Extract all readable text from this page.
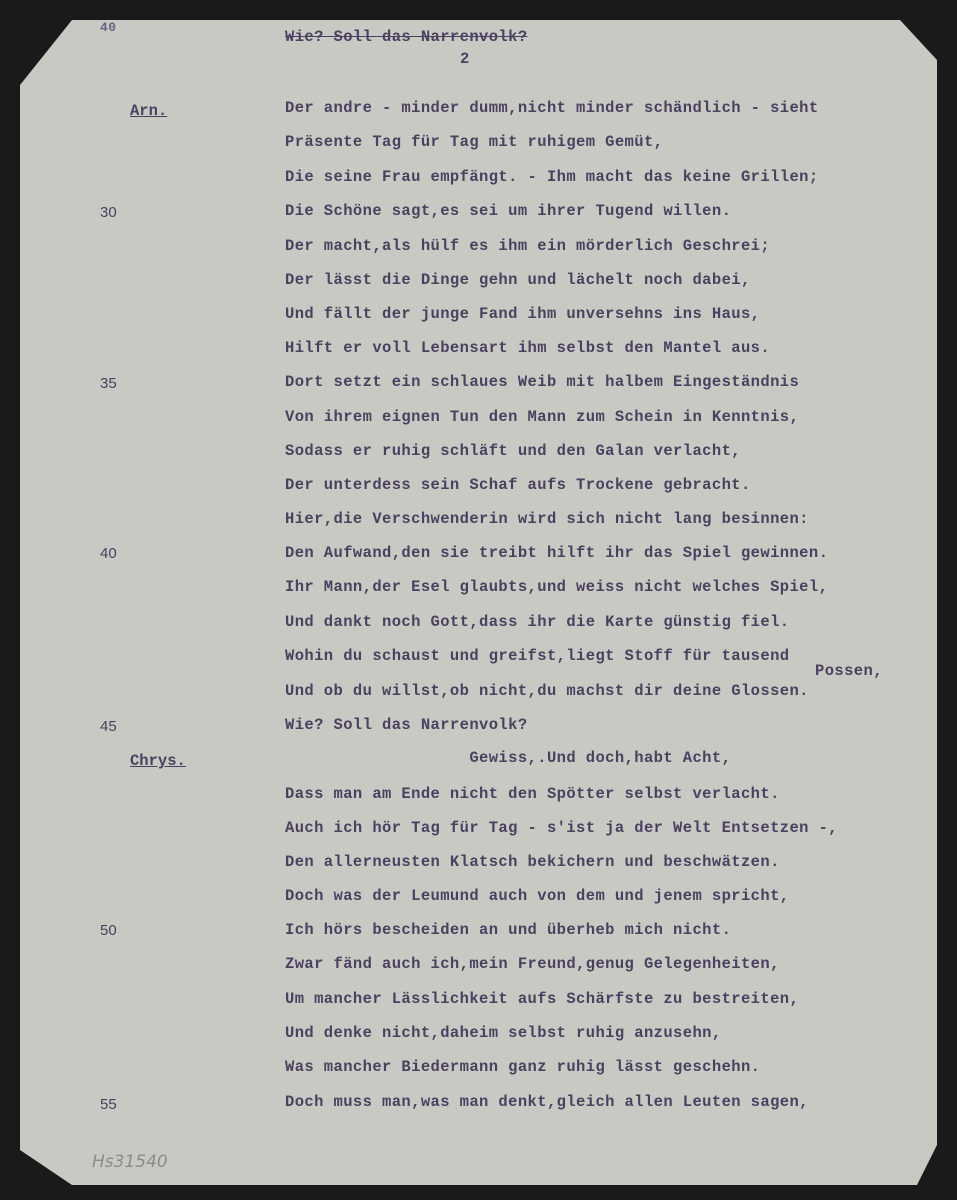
40
Wie? Soll das Narrenvolk?
2
Arn.
Chrys.
30
35
40
45
50
55
Der andre - minder dumm,nicht minder schändlich - sieht
Präsente Tag für Tag mit ruhigem Gemüt,
Die seine Frau empfängt. - Ihm macht das keine Grillen;
Die Schöne sagt,es sei um ihrer Tugend willen.
Der macht,als hülf es ihm ein mörderlich Geschrei;
Der lässt die Dinge gehn und lächelt noch dabei,
Und fällt der junge Fand ihm unversehns ins Haus,
Hilft er voll Lebensart ihm selbst den Mantel aus.
Dort setzt ein schlaues Weib mit halbem Eingeständnis
Von ihrem eignen Tun den Mann zum Schein in Kenntnis,
Sodass er ruhig schläft und den Galan verlacht,
Der unterdess sein Schaf aufs Trockene gebracht.
Hier,die Verschwenderin wird sich nicht lang besinnen:
Den Aufwand,den sie treibt hilft ihr das Spiel gewinnen.
Ihr Mann,der Esel glaubts,und weiss nicht welches Spiel,
Und dankt noch Gott,dass ihr die Karte günstig fiel.
Wohin du schaust und greifst,liegt Stoff für tausend
Possen,
Und ob du willst,ob nicht,du machst dir deine Glossen.
Wie? Soll das Narrenvolk?
Gewiss,.Und doch,habt Acht,
Dass man am Ende nicht den Spötter selbst verlacht.
Auch ich hör Tag für Tag - s'ist ja der Welt Entsetzen -,
Den allerneusten Klatsch bekichern und beschwätzen.
Doch was der Leumund auch von dem und jenem spricht,
Ich hörs bescheiden an und überheb mich nicht.
Zwar fänd auch ich,mein Freund,genug Gelegenheiten,
Um mancher Lässlichkeit aufs Schärfste zu bestreiten,
Und denke nicht,daheim selbst ruhig anzusehn,
Was mancher Biedermann ganz ruhig lässt geschehn.
Doch muss man,was man denkt,gleich allen Leuten sagen,
Hs31540
